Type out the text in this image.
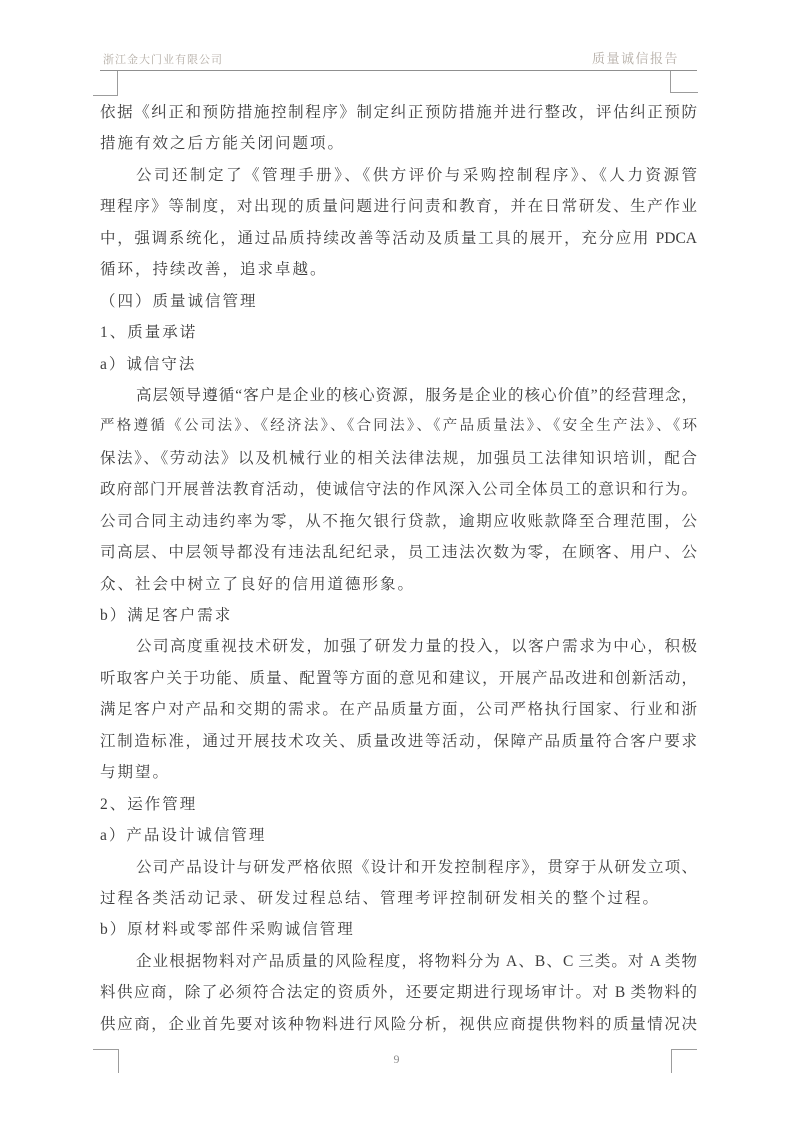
浙江金大门业有限公司	质量诚信报告
依据《纠正和预防措施控制程序》制定纠正预防措施并进行整改，评估纠正预防
措施有效之后方能关闭问题项。
公司还制定了《管理手册》、《供方评价与采购控制程序》、《人力资源管
理程序》等制度，对出现的质量问题进行问责和教育，并在日常研发、生产作业
中，强调系统化，通过品质持续改善等活动及质量工具的展开，充分应用 PDCA
循环，持续改善，追求卓越。
（四）质量诚信管理
1、质量承诺
a）诚信守法
高层领导遵循“客户是企业的核心资源，服务是企业的核心价值”的经营理念，
严格遵循《公司法》、《经济法》、《合同法》、《产品质量法》、《安全生产法》、《环
保法》、《劳动法》以及机械行业的相关法律法规，加强员工法律知识培训，配合
政府部门开展普法教育活动，使诚信守法的作风深入公司全体员工的意识和行为。
公司合同主动违约率为零，从不拖欠银行贷款，逾期应收账款降至合理范围，公
司高层、中层领导都没有违法乱纪纪录，员工违法次数为零，在顾客、用户、公
众、社会中树立了良好的信用道德形象。
b）满足客户需求
公司高度重视技术研发，加强了研发力量的投入，以客户需求为中心，积极
听取客户关于功能、质量、配置等方面的意见和建议，开展产品改进和创新活动，
满足客户对产品和交期的需求。在产品质量方面，公司严格执行国家、行业和浙
江制造标准，通过开展技术攻关、质量改进等活动，保障产品质量符合客户要求
与期望。
2、运作管理
a）产品设计诚信管理
公司产品设计与研发严格依照《设计和开发控制程序》，贯穿于从研发立项、
过程各类活动记录、研发过程总结、管理考评控制研发相关的整个过程。
b）原材料或零部件采购诚信管理
企业根据物料对产品质量的风险程度，将物料分为 A、B、C 三类。对 A 类物
料供应商，除了必须符合法定的资质外，还要定期进行现场审计。对 B 类物料的
供应商，企业首先要对该种物料进行风险分析，视供应商提供物料的质量情况决
9
